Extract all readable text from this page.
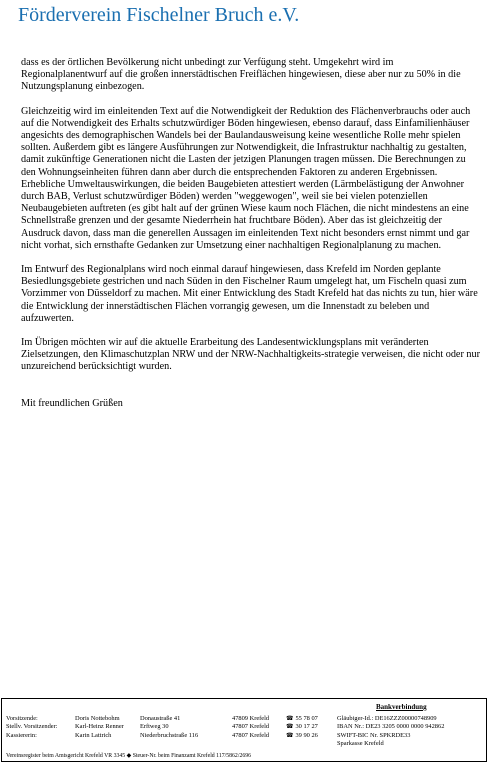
Förderverein Fischelner Bruch e.V.

dass es der örtlichen Bevölkerung nicht unbedingt zur Verfügung steht. Umgekehrt wird im Regionalplanentwurf auf die großen innerstädtischen Freiflächen hingewiesen, diese aber nur zu 50% in die Nutzungsplanung einbezogen.

Gleichzeitig wird im einleitenden Text auf die Notwendigkeit der Reduktion des Flächenverbrauchs oder auch auf die Notwendigkeit des Erhalts schutzwürdiger Böden hingewiesen, ebenso darauf, dass Einfamilienhäuser angesichts des demographischen Wandels bei der Baulandausweisung keine wesentliche Rolle mehr spielen sollten. Außerdem gibt es längere Ausführungen zur Notwendigkeit, die Infrastruktur nachhaltig zu gestalten, damit zukünftige Generationen nicht die Lasten der jetzigen Planungen tragen müssen. Die Berechnungen zu den Wohnungseinheiten führen dann aber durch die entsprechenden Faktoren zu anderen Ergebnissen. Erhebliche Umweltauswirkungen, die beiden Baugebieten attestiert werden (Lärmbelästigung der Anwohner durch BAB, Verlust schutzwürdiger Böden) werden "weggewogen", weil sie bei vielen potenziellen Neubaugebieten auftreten (es gibt halt auf der grünen Wiese kaum noch Flächen, die nicht mindestens an eine Schnellstraße grenzen und der gesamte Niederrhein hat fruchtbare Böden). Aber das ist gleichzeitig der Ausdruck davon, dass man die generellen Aussagen im einleitenden Text nicht besonders ernst nimmt und gar nicht vorhat, sich ernsthafte Gedanken zur Umsetzung einer nachhaltigen Regionalplanung zu machen.

Im Entwurf des Regionalplans wird noch einmal darauf hingewiesen, dass Krefeld im Norden geplante Besiedlungsgebiete gestrichen und nach Süden in den Fischelner Raum umgelegt hat, um Fischeln quasi zum Vorzimmer von Düsseldorf zu machen. Mit einer Entwicklung des Stadt Krefeld hat das nichts zu tun, hier wäre die Entwicklung der innerstädtischen Flächen vorrangig gewesen, um die Innenstadt zu beleben und aufzuwerten.

Im Übrigen möchten wir auf die aktuelle Erarbeitung des Landesentwicklungsplans mit veränderten Zielsetzungen, den Klimaschutzplan NRW und der NRW-Nachhaltigkeits-strategie verweisen, die nicht oder nur unzureichend berücksichtigt wurden.

Mit freundlichen Grüßen

Vorsitzende:
Stellv. Vorsitzender:
Kassiererin:
Doris Nottebohm
Karl-Heinz Renner
Karin Lattrich
Donaustraße 41
Erftweg 30
Niederbruchstraße 116
47809 Krefeld
47807 Krefeld
47807 Krefeld
☎ 55 78 07
☎ 30 17 27
☎ 39 90 26
Bankverbindung
Gläubiger-Id.: DE16ZZZ00000748909
IBAN Nr.: DE23 3205 0000 0000 942862
SWIFT-BIC Nr. SPKRDE33
Sparkasse Krefeld
Vereinsregister beim Amtsgericht Krefeld VR 3345 ◆ Steuer-Nr. beim Finanzamt Krefeld 117/5862/2696
